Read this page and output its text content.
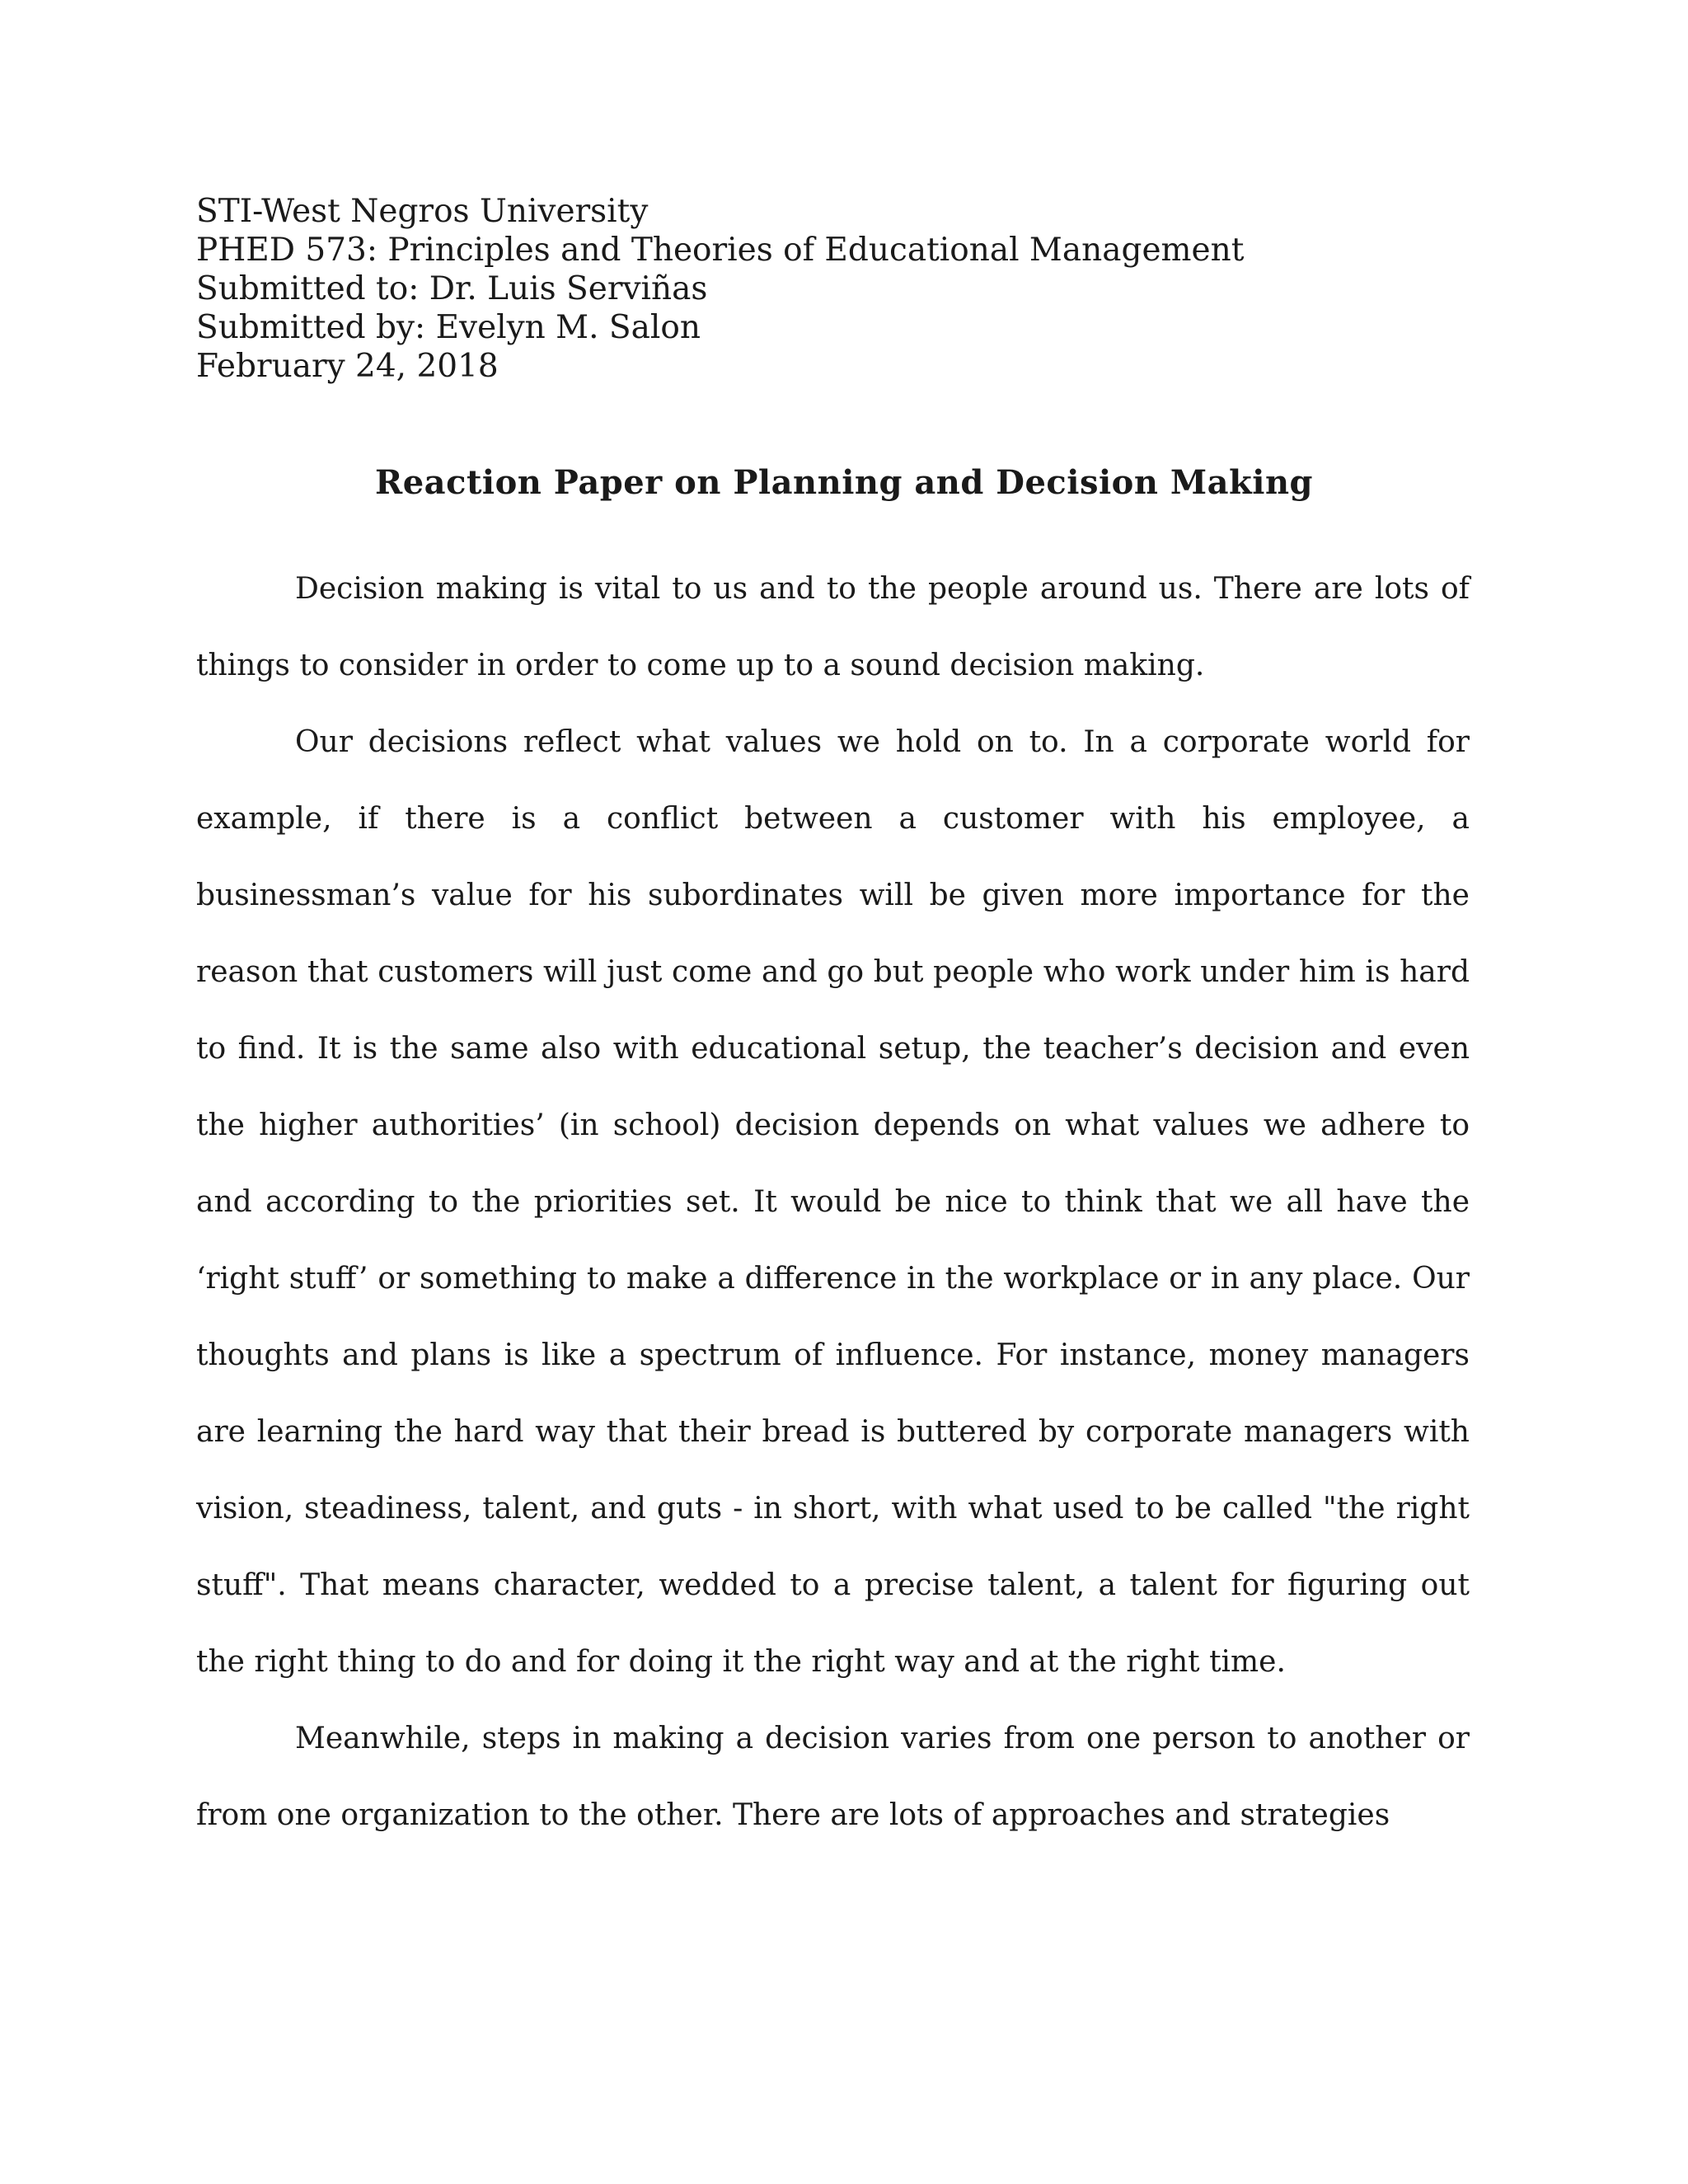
STI-West Negros University
PHED 573: Principles and Theories of Educational Management
Submitted to: Dr. Luis Serviñas
Submitted by: Evelyn M. Salon
February 24, 2018
Reaction Paper on Planning and Decision Making

Decision making is vital to us and to the people around us. There are lots of things to consider in order to come up to a sound decision making.

Our decisions reflect what values we hold on to. In a corporate world for example, if there is a conflict between a customer with his employee, a businessman’s value for his subordinates will be given more importance for the reason that customers will just come and go but people who work under him is hard to find. It is the same also with educational setup, the teacher’s decision and even the higher authorities’ (in school) decision depends on what values we adhere to and according to the priorities set. It would be nice to think that we all have the ‘right stuff’ or something to make a difference in the workplace or in any place. Our thoughts and plans is like a spectrum of influence. For instance, money managers are learning the hard way that their bread is buttered by corporate managers with vision, steadiness, talent, and guts - in short, with what used to be called "the right stuff". That means character, wedded to a precise talent, a talent for figuring out the right thing to do and for doing it the right way and at the right time.

Meanwhile, steps in making a decision varies from one person to another or from one organization to the other. There are lots of approaches and strategies
